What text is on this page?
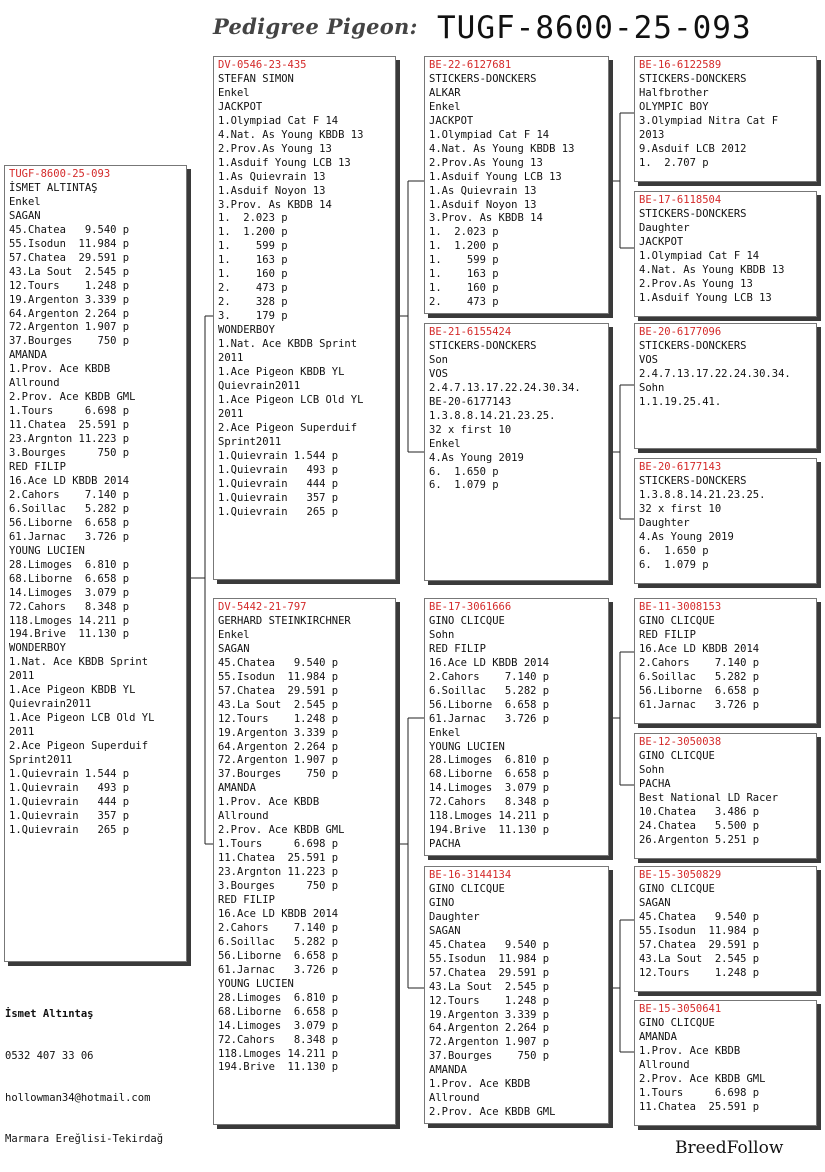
Pedigree Pigeon: TUGF-8600-25-093
TUGF-8600-25-093
İSMET ALTINTAŞ
Enkel
SAGAN
45.Chatea   9.540 p
55.Isodun  11.984 p
57.Chatea  29.591 p
43.La Sout  2.545 p
12.Tours    1.248 p
19.Argenton 3.339 p
64.Argenton 2.264 p
72.Argenton 1.907 p
37.Bourges    750 p
AMANDA
1.Prov. Ace KBDB
Allround
2.Prov. Ace KBDB GML
1.Tours     6.698 p
11.Chatea  25.591 p
23.Argnton 11.223 p
3.Bourges     750 p
RED FILIP
16.Ace LD KBDB 2014
2.Cahors    7.140 p
6.Soillac   5.282 p
56.Liborne  6.658 p
61.Jarnac   3.726 p
YOUNG LUCIEN
28.Limoges  6.810 p
68.Liborne  6.658 p
14.Limoges  3.079 p
72.Cahors   8.348 p
118.Lmoges 14.211 p
194.Brive  11.130 p
WONDERBOY
1.Nat. Ace KBDB Sprint
2011
1.Ace Pigeon KBDB YL
Quievrain2011
1.Ace Pigeon LCB Old YL
2011
2.Ace Pigeon Superduif
Sprint2011
1.Quievrain 1.544 p
1.Quievrain   493 p
1.Quievrain   444 p
1.Quievrain   357 p
1.Quievrain   265 p
DV-0546-23-435
STEFAN SIMON
Enkel
JACKPOT
1.Olympiad Cat F 14
4.Nat. As Young KBDB 13
2.Prov.As Young 13
1.Asduif Young LCB 13
1.As Quievrain 13
1.Asduif Noyon 13
3.Prov. As KBDB 14
1.  2.023 p
1.  1.200 p
1.    599 p
1.    163 p
1.    160 p
2.    473 p
2.    328 p
3.    179 p
WONDERBOY
1.Nat. Ace KBDB Sprint
2011
1.Ace Pigeon KBDB YL
Quievrain2011
1.Ace Pigeon LCB Old YL
2011
2.Ace Pigeon Superduif
Sprint2011
1.Quievrain 1.544 p
1.Quievrain   493 p
1.Quievrain   444 p
1.Quievrain   357 p
1.Quievrain   265 p
DV-5442-21-797
GERHARD STEINKIRCHNER
Enkel
SAGAN
45.Chatea   9.540 p
55.Isodun  11.984 p
57.Chatea  29.591 p
43.La Sout  2.545 p
12.Tours    1.248 p
19.Argenton 3.339 p
64.Argenton 2.264 p
72.Argenton 1.907 p
37.Bourges    750 p
AMANDA
1.Prov. Ace KBDB
Allround
2.Prov. Ace KBDB GML
1.Tours     6.698 p
11.Chatea  25.591 p
23.Argnton 11.223 p
3.Bourges     750 p
RED FILIP
16.Ace LD KBDB 2014
2.Cahors    7.140 p
6.Soillac   5.282 p
56.Liborne  6.658 p
61.Jarnac   3.726 p
YOUNG LUCIEN
28.Limoges  6.810 p
68.Liborne  6.658 p
14.Limoges  3.079 p
72.Cahors   8.348 p
118.Lmoges 14.211 p
194.Brive  11.130 p
BE-22-6127681
STICKERS-DONCKERS
ALKAR
Enkel
JACKPOT
1.Olympiad Cat F 14
4.Nat. As Young KBDB 13
2.Prov.As Young 13
1.Asduif Young LCB 13
1.As Quievrain 13
1.Asduif Noyon 13
3.Prov. As KBDB 14
1.  2.023 p
1.  1.200 p
1.    599 p
1.    163 p
1.    160 p
2.    473 p
BE-21-6155424
STICKERS-DONCKERS
Son
VOS
2.4.7.13.17.22.24.30.34.
BE-20-6177143
1.3.8.8.14.21.23.25.
32 x first 10
Enkel
4.As Young 2019
6.  1.650 p
6.  1.079 p
BE-17-3061666
GINO CLICQUE
Sohn
RED FILIP
16.Ace LD KBDB 2014
2.Cahors    7.140 p
6.Soillac   5.282 p
56.Liborne  6.658 p
61.Jarnac   3.726 p
Enkel
YOUNG LUCIEN
28.Limoges  6.810 p
68.Liborne  6.658 p
14.Limoges  3.079 p
72.Cahors   8.348 p
118.Lmoges 14.211 p
194.Brive  11.130 p
PACHA
BE-16-3144134
GINO CLICQUE
GINO
Daughter
SAGAN
45.Chatea   9.540 p
55.Isodun  11.984 p
57.Chatea  29.591 p
43.La Sout  2.545 p
12.Tours    1.248 p
19.Argenton 3.339 p
64.Argenton 2.264 p
72.Argenton 1.907 p
37.Bourges    750 p
AMANDA
1.Prov. Ace KBDB
Allround
2.Prov. Ace KBDB GML
BE-16-6122589
STICKERS-DONCKERS
Halfbrother
OLYMPIC BOY
3.Olympiad Nitra Cat F
2013
9.Asduif LCB 2012
1.  2.707 p
BE-17-6118504
STICKERS-DONCKERS
Daughter
JACKPOT
1.Olympiad Cat F 14
4.Nat. As Young KBDB 13
2.Prov.As Young 13
1.Asduif Young LCB 13
BE-20-6177096
STICKERS-DONCKERS
VOS
2.4.7.13.17.22.24.30.34.
Sohn
1.1.19.25.41.
BE-20-6177143
STICKERS-DONCKERS
1.3.8.8.14.21.23.25.
32 x first 10
Daughter
4.As Young 2019
6.  1.650 p
6.  1.079 p
BE-11-3008153
GINO CLICQUE
RED FILIP
16.Ace LD KBDB 2014
2.Cahors    7.140 p
6.Soillac   5.282 p
56.Liborne  6.658 p
61.Jarnac   3.726 p
BE-12-3050038
GINO CLICQUE
Sohn
PACHA
Best National LD Racer
10.Chatea   3.486 p
24.Chatea   5.500 p
26.Argenton 5.251 p
BE-15-3050829
GINO CLICQUE
SAGAN
45.Chatea   9.540 p
55.Isodun  11.984 p
57.Chatea  29.591 p
43.La Sout  2.545 p
12.Tours    1.248 p
BE-15-3050641
GINO CLICQUE
AMANDA
1.Prov. Ace KBDB
Allround
2.Prov. Ace KBDB GML
1.Tours     6.698 p
11.Chatea  25.591 p

İsmet Altıntaş

0532 407 33 06

hollowman34@hotmail.com

Marmara Ereğlisi-Tekirdağ	BreedFollow
